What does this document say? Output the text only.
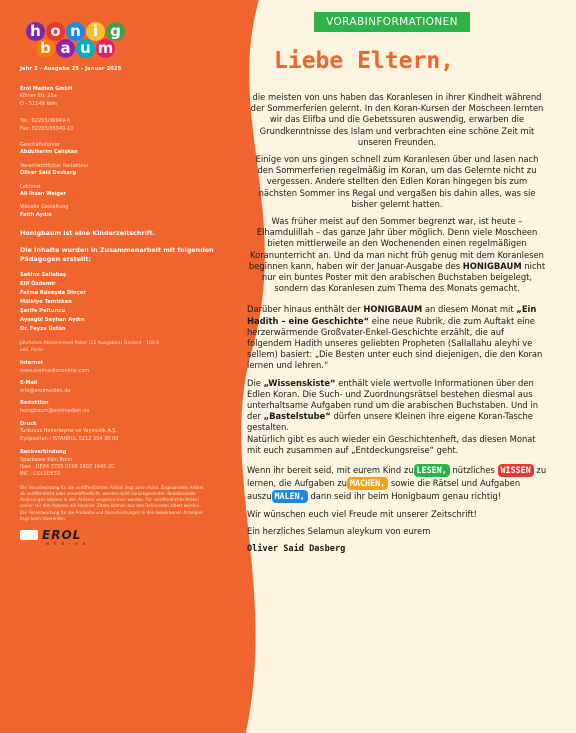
h o n i g
b a u m
Jahr 3 - Ausgabe 25 - Januar 2025
Erol Medien GmbH
Kölner Str. 25a
D - 51149 Köln
Tel.: 02203/36949-0
Fax: 02203/36949-10
Geschäftsführer
Abdulkerim Çalışkan
Verantwortlicher Redakteur
Oliver Said Dasberg
Lektorat
Ali İhsan Weiger
Visuelle Gestaltung
Fatih Aydın
Honigbaum ist eine Kinderzeitschrift.
Die Inhalte wurden in Zusammenarbeit mit folgenden Pädagogen erstellt:
Sakine Sallabaş
Elif Özdemir
Fatma Rüveyda Dinçer
Mülkiye Temizkan
Şerife Peltuncu
Ayşegül Seyhan Aydın
Dr. Feyza Üstün
Jährliches Abonnement Paket (12 Ausgaben) Gesamt : 100 € inkl. Porto
Internet
www.erolmedienonline.com
E-Mail
info@erolmedien.de
Redaktion
honigbaum@erolmedien.de
Druck
Turkuvaz Haberleşme ve Yayıncılık A.Ş.
Eyüpsultan / ISTANBUL 0212 354 30 00
Bankverbindung
Sparkasse Köln Bonn
Iban : DE84 3705 0198 1902 1645 20
BIC : COLSDE33
Die Verantwortung für die veröffentlichten Artikel liegt beim Autor. Zugesandete Artikel, ob veröffentlicht oder unveröffentlicht, werden nicht zurückgesendet. Redaktionelle Änderungen können in den Artikeln vorgenommen werden. Für veröffentlichte Artikel zahlen wir den Autoren ein Honorar. Zitate können aus den Referenzen zitiert werden. Die Verantwortung für die Produkte und Dienstleistungen in den beworbenen Anzeigen liegt beim Inserenten.
EROL
M E D I E N
VORABINFORMATIONEN
Liebe Eltern,

die meisten von uns haben das Koranlesen in ihrer Kindheit während der Sommerferien gelernt. In den Koran-Kursen der Moscheen lernten wir das Elifba und die Gebetssuren auswendig, erwarben die Grundkenntnisse des Islam und verbrachten eine schöne Zeit mit unseren Freunden.

Einige von uns gingen schnell zum Koranlesen über und lasen nach den Sommerferien regelmäßig im Koran, um das Gelernte nicht zu vergessen. Andere stellten den Edlen Koran hingegen bis zum nächsten Sommer ins Regal und vergaßen bis dahin alles, was sie bisher gelernt hatten.

Was früher meist auf den Sommer begrenzt war, ist heute – Elhamdulillah – das ganze Jahr über möglich. Denn viele Moscheen bieten mittlerweile an den Wochenenden einen regelmäßigen Koranunterricht an. Und da man nicht früh genug mit dem Koranlesen beginnen kann, haben wir der Januar-Ausgabe des HONIGBAUM nicht nur ein buntes Poster mit den arabischen Buchstaben beigelegt, sondern das Koranlesen zum Thema des Monats gemacht.

Darüber hinaus enthält der HONIGBAUM an diesem Monat mit „Ein Hadith – eine Geschichte“ eine neue Rubrik, die zum Auftakt eine herzerwärmende Großvater-Enkel-Geschichte erzählt, die auf folgendem Hadith unseres geliebten Propheten (Sallallahu aleyhi ve sellem) basiert: „Die Besten unter euch sind diejenigen, die den Koran lernen und lehren.“

Die „Wissenskiste“ enthält viele wertvolle Informationen über den Edlen Koran. Die Such- und Zuordnungsrätsel bestehen diesmal aus unterhaltsame Aufgaben rund um die arabischen Buchstaben. Und in der „Bastelstube“ dürfen unsere Kleinen ihre eigene Koran-Tasche gestalten.

Natürlich gibt es auch wieder ein Geschichtenheft, das diesen Monat mit euch zusammen auf „Entdeckungsreise“ geht.

Wenn ihr bereit seid, mit eurem Kind zu LESEN, nützliches WISSEN zu lernen, die Aufgaben zu MACHEN, sowie die Rätsel und Aufgaben auszu MALEN, dann seid ihr beim Honigbaum genau richtig!

Wir wünschen euch viel Freude mit unserer Zeitschrift!

Ein herzliches Selamun aleykum von eurem

Oliver Said Dasberg
